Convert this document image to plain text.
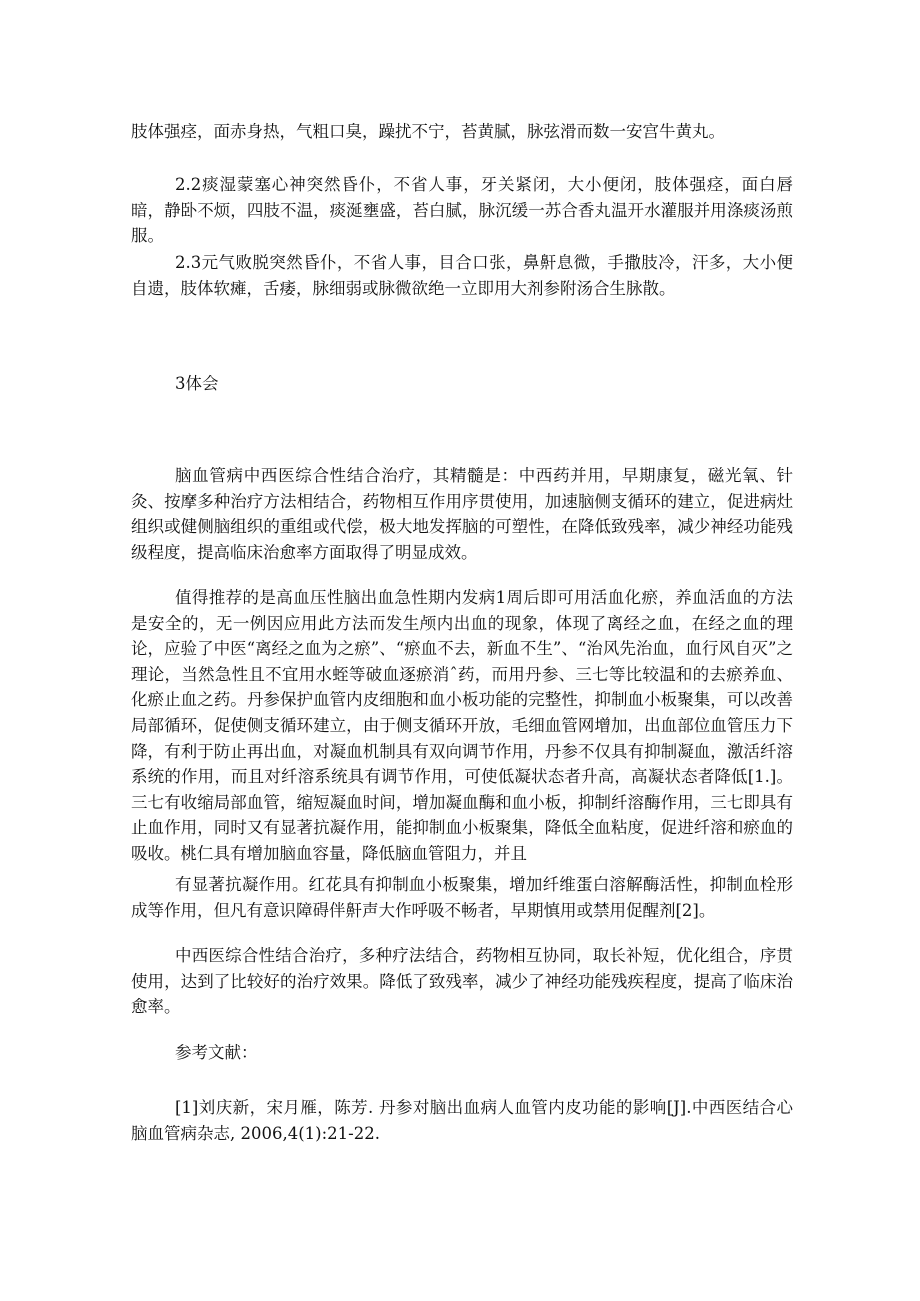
肢体强痉，面赤身热，气粗口臭，躁扰不宁，苔黄腻，脉弦滑而数一安宫牛黄丸。

2.2痰湿蒙塞心神突然昏仆，不省人事，牙关紧闭，大小便闭，肢体强痉，面白唇暗，静卧不烦，四肢不温，痰涎壅盛，苔白腻，脉沉缓一苏合香丸温开水灌服并用涤痰汤煎服。

2.3元气败脱突然昏仆，不省人事，目合口张，鼻鼾息微，手撒肢冷，汗多，大小便自遗，肢体软瘫，舌痿，脉细弱或脉微欲绝一立即用大剂参附汤合生脉散。

3体会

脑血管病中西医综合性结合治疗，其精髓是：中西药并用，早期康复，磁光氧、针灸、按摩多种治疗方法相结合，药物相互作用序贯使用，加速脑侧支循环的建立，促进病灶组织或健侧脑组织的重组或代偿，极大地发挥脑的可塑性，在降低致残率，减少神经功能残级程度，提高临床治愈率方面取得了明显成效。

值得推荐的是高血压性脑出血急性期内发病1周后即可用活血化瘀，养血活血的方法是安全的，无一例因应用此方法而发生颅内出血的现象，体现了离经之血，在经之血的理论，应验了中医“离经之血为之瘀”、“瘀血不去，新血不生”、“治风先治血，血行风自灭”之理论，当然急性且不宜用水蛭等破血逐瘀消ˆ药，而用丹参、三七等比较温和的去瘀养血、化瘀止血之药。丹参保护血管内皮细胞和血小板功能的完整性，抑制血小板聚集，可以改善局部循环，促使侧支循环建立，由于侧支循环开放，毛细血管网增加，出血部位血管压力下降，有利于防止再出血，对凝血机制具有双向调节作用，丹参不仅具有抑制凝血，激活纤溶系统的作用，而且对纤溶系统具有调节作用，可使低凝状态者升高，高凝状态者降低[1.]。三七有收缩局部血管，缩短凝血时间，增加凝血酶和血小板，抑制纤溶酶作用，三七即具有止血作用，同时又有显著抗凝作用，能抑制血小板聚集，降低全血粘度，促进纤溶和瘀血的吸收。桃仁具有增加脑血容量，降低脑血管阻力，并且

有显著抗凝作用。红花具有抑制血小板聚集，增加纤维蛋白溶解酶活性，抑制血栓形成等作用，但凡有意识障碍伴鼾声大作呼吸不畅者，早期慎用或禁用促醒剂[2]。

中西医综合性结合治疗，多种疗法结合，药物相互协同，取长补短，优化组合，序贯使用，达到了比较好的治疗效果。降低了致残率，减少了神经功能残疾程度，提高了临床治愈率。

参考文献：

[1]刘庆新，宋月雁，陈芳. 丹参对脑出血病人血管内皮功能的影响[J].中西医结合心脑血管病杂志, 2006,4(1):21-22.
